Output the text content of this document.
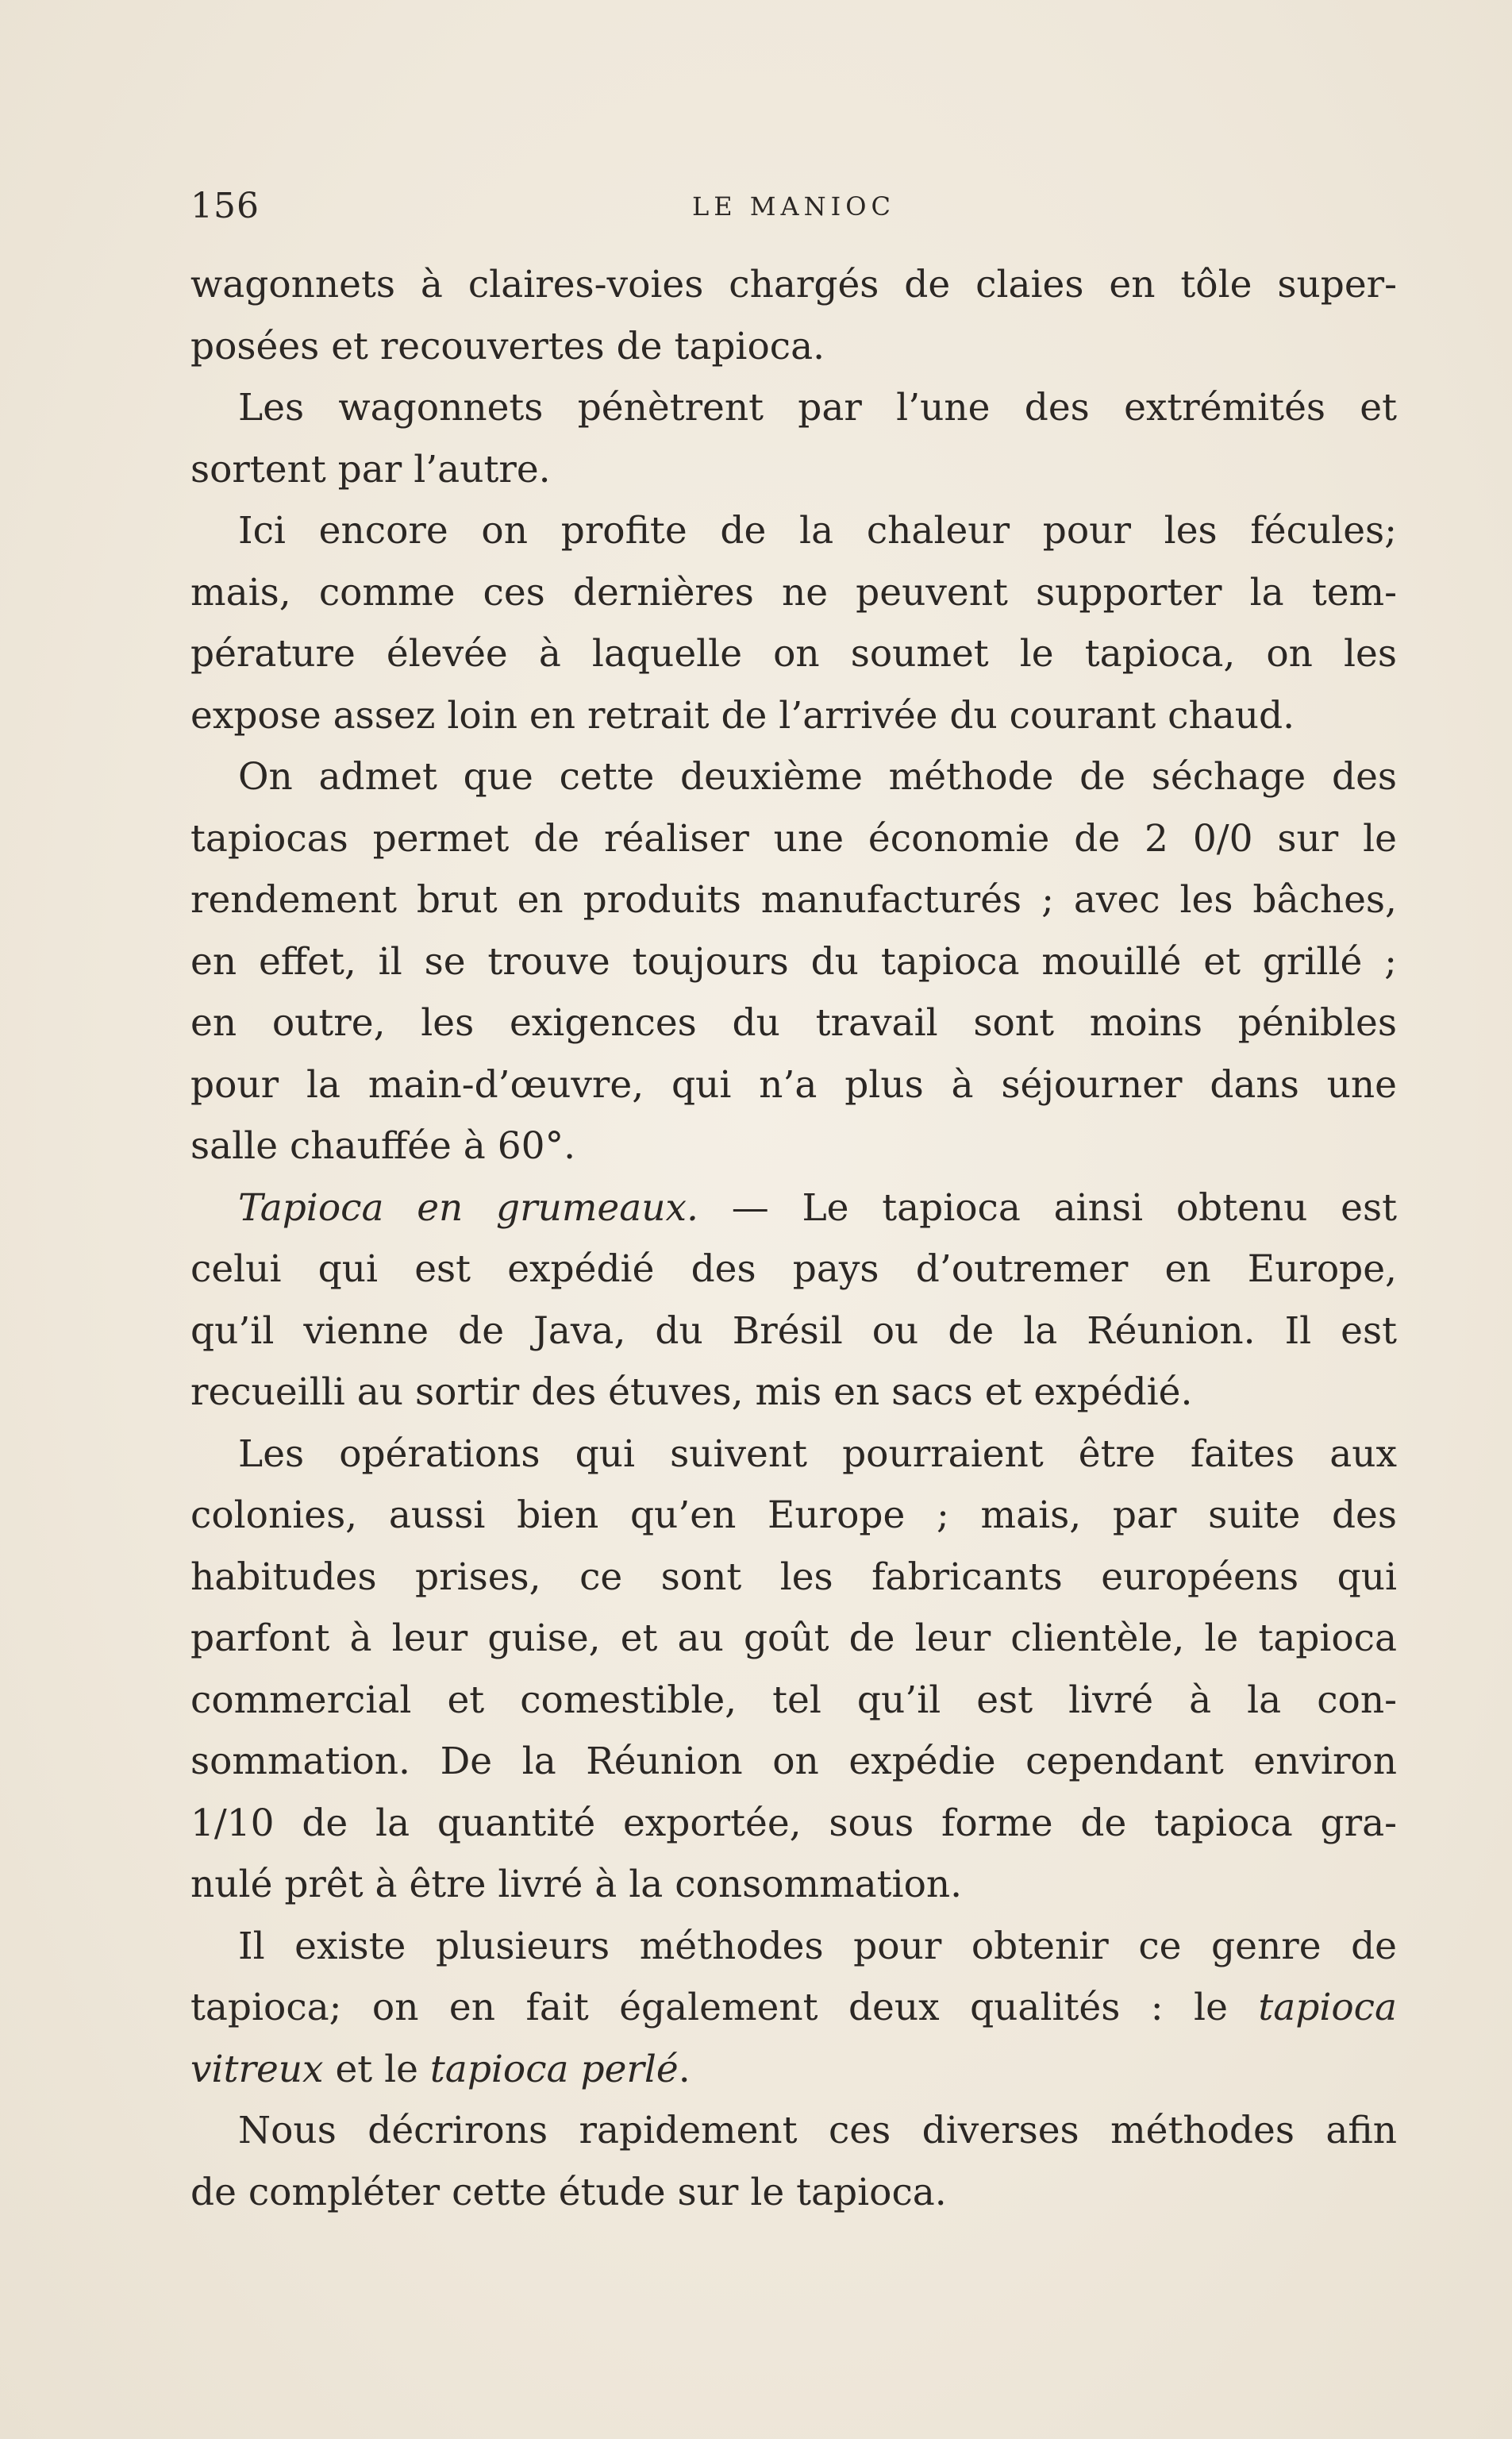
156	LE MANIOC
wagonnets à claires-voies chargés de claies en tôle super-
posées et recouvertes de tapioca.
Les wagonnets pénètrent par l’une des extrémités et
sortent par l’autre.
Ici encore on profite de la chaleur pour les fécules;
mais, comme ces dernières ne peuvent supporter la tem-
pérature élevée à laquelle on soumet le tapioca, on les
expose assez loin en retrait de l’arrivée du courant chaud.
On admet que cette deuxième méthode de séchage des
tapiocas permet de réaliser une économie de 2 0/0 sur le
rendement brut en produits manufacturés ; avec les bâches,
en effet, il se trouve toujours du tapioca mouillé et grillé ;
en outre, les exigences du travail sont moins pénibles
pour la main-d’œuvre, qui n’a plus à séjourner dans une
salle chauffée à 60°.
Tapioca en grumeaux. — Le tapioca ainsi obtenu est
celui qui est expédié des pays d’outremer en Europe,
qu’il vienne de Java, du Brésil ou de la Réunion. Il est
recueilli au sortir des étuves, mis en sacs et expédié.
Les opérations qui suivent pourraient être faites aux
colonies, aussi bien qu’en Europe ; mais, par suite des
habitudes prises, ce sont les fabricants européens qui
parfont à leur guise, et au goût de leur clientèle, le tapioca
commercial et comestible, tel qu’il est livré à la con-
sommation. De la Réunion on expédie cependant environ
1/10 de la quantité exportée, sous forme de tapioca gra-
nulé prêt à être livré à la consommation.
Il existe plusieurs méthodes pour obtenir ce genre de
tapioca; on en fait également deux qualités : le tapioca
vitreux et le tapioca perlé.
Nous décrirons rapidement ces diverses méthodes afin
de compléter cette étude sur le tapioca.
